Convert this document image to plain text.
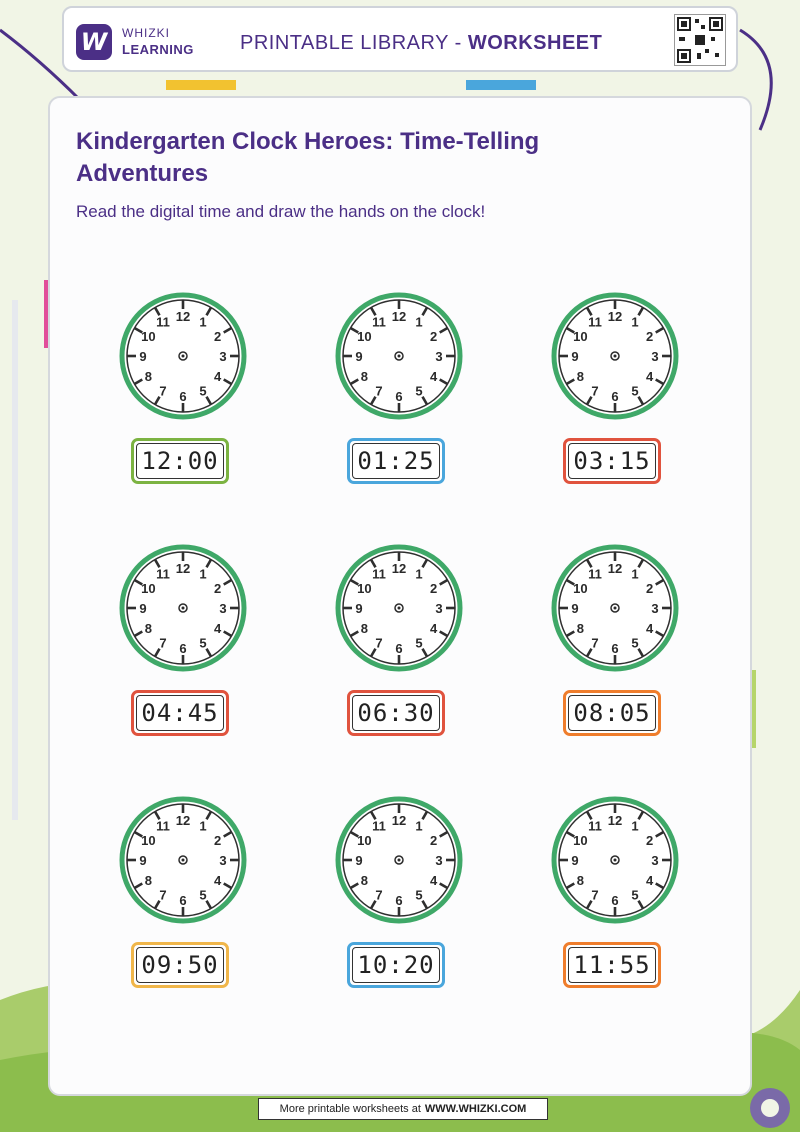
W	WHIZKI
LEARNING PRINTABLE LIBRARY - WORKSHEET
Kindergarten Clock Heroes: Time-Telling Adventures
Read the digital time and draw the hands on the clock!
12 1
2
3
4
5
6
7
8
9
10
11
12:00
12 1
2
3
4
5
6
7
8
9
10
11
01:25
12 1
2
3
4
5
6
7
8
9
10
11
03:15
12 1
2
3
4
5
6
7
8
9
10
11
04:45
12 1
2
3
4
5
6
7
8
9
10
11
06:30
12 1
2
3
4
5
6
7
8
9
10
11
08:05
12 1
2
3
4
5
6
7
8
9
10
11
09:50
12 1
2
3
4
5
6
7
8
9
10
11
10:20
12 1
2
3
4
5
6
7
8
9
10
11
11:55
More printable worksheets at WWW.WHIZKI.COM
